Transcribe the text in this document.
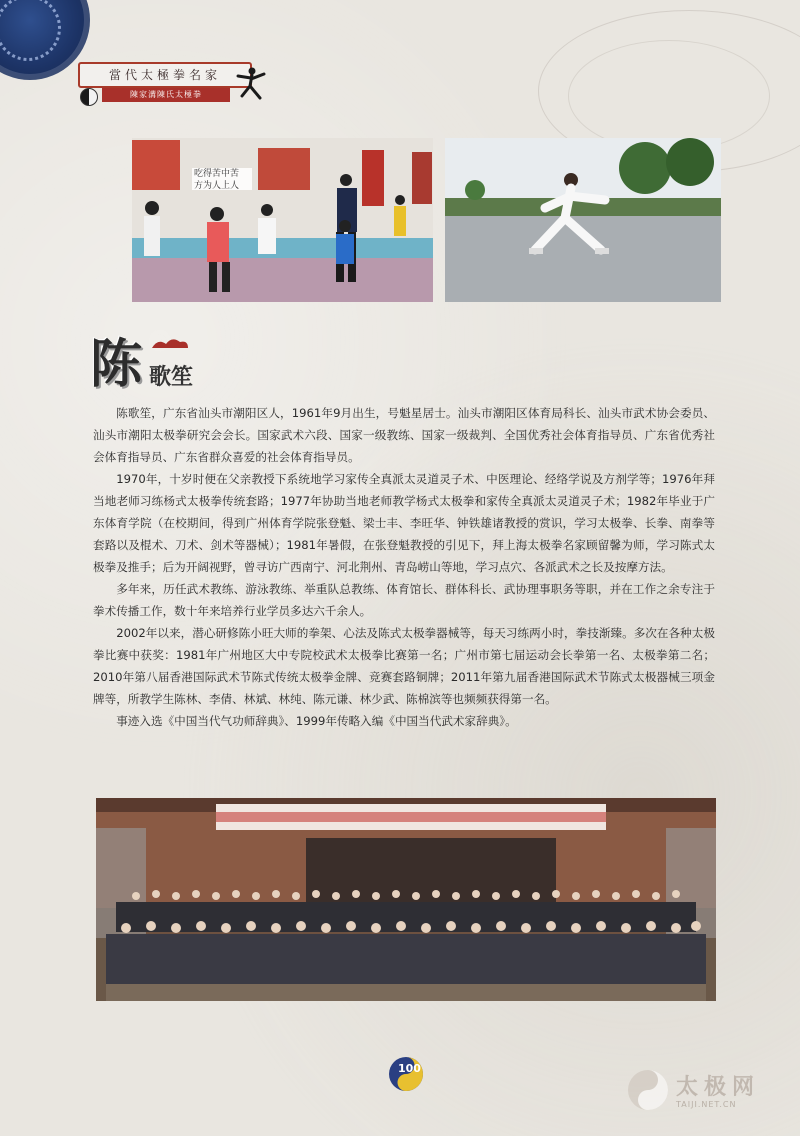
當代太極拳名家
陳家溝陳氏太極拳
吃得苦中苦
方为人上人
陈 歌笙

陈歌笙，广东省汕头市潮阳区人，1961年9月出生，号魁星居士。汕头市潮阳区体育局科长、汕头市武术协会委员、汕头市潮阳太极拳研究会会长。国家武术六段、国家一级教练、国家一级裁判、全国优秀社会体育指导员、广东省优秀社会体育指导员、广东省群众喜爱的社会体育指导员。

1970年，十岁时便在父亲教授下系统地学习家传全真派太灵道灵子术、中医理论、经络学说及方剂学等；1976年拜当地老师习练杨式太极拳传统套路；1977年协助当地老师教学杨式太极拳和家传全真派太灵道灵子术；1982年毕业于广东体育学院（在校期间，得到广州体育学院张登魁、梁士丰、李旺华、钟铁雄诸教授的赏识，学习太极拳、长拳、南拳等套路以及棍术、刀术、剑术等器械）；1981年暑假，在张登魁教授的引见下，拜上海太极拳名家顾留馨为师，学习陈式太极拳及推手；后为开阔视野，曾寻访广西南宁、河北荆州、青岛崂山等地，学习点穴、各派武术之长及按摩方法。

多年来，历任武术教练、游泳教练、举重队总教练、体育馆长、群体科长、武协理事职务等职，并在工作之余专注于拳术传播工作，数十年来培养行业学员多达六千余人。

2002年以来，潜心研修陈小旺大师的拳架、心法及陈式太极拳器械等，每天习练两小时，拳技渐臻。多次在各种太极拳比赛中获奖：1981年广州地区大中专院校武术太极拳比赛第一名；广州市第七届运动会长拳第一名、太极拳第二名；2010年第八届香港国际武术节陈式传统太极拳金牌、竞赛套路铜牌；2011年第九届香港国际武术节陈式太极器械三项金牌等，所教学生陈林、李倩、林斌、林纯、陈元谦、林少武、陈棉滨等也频频获得第一名。

事迹入选《中国当代气功师辞典》、1999年传略入编《中国当代武术家辞典》。

100
太极网
TAIJI.NET.CN
